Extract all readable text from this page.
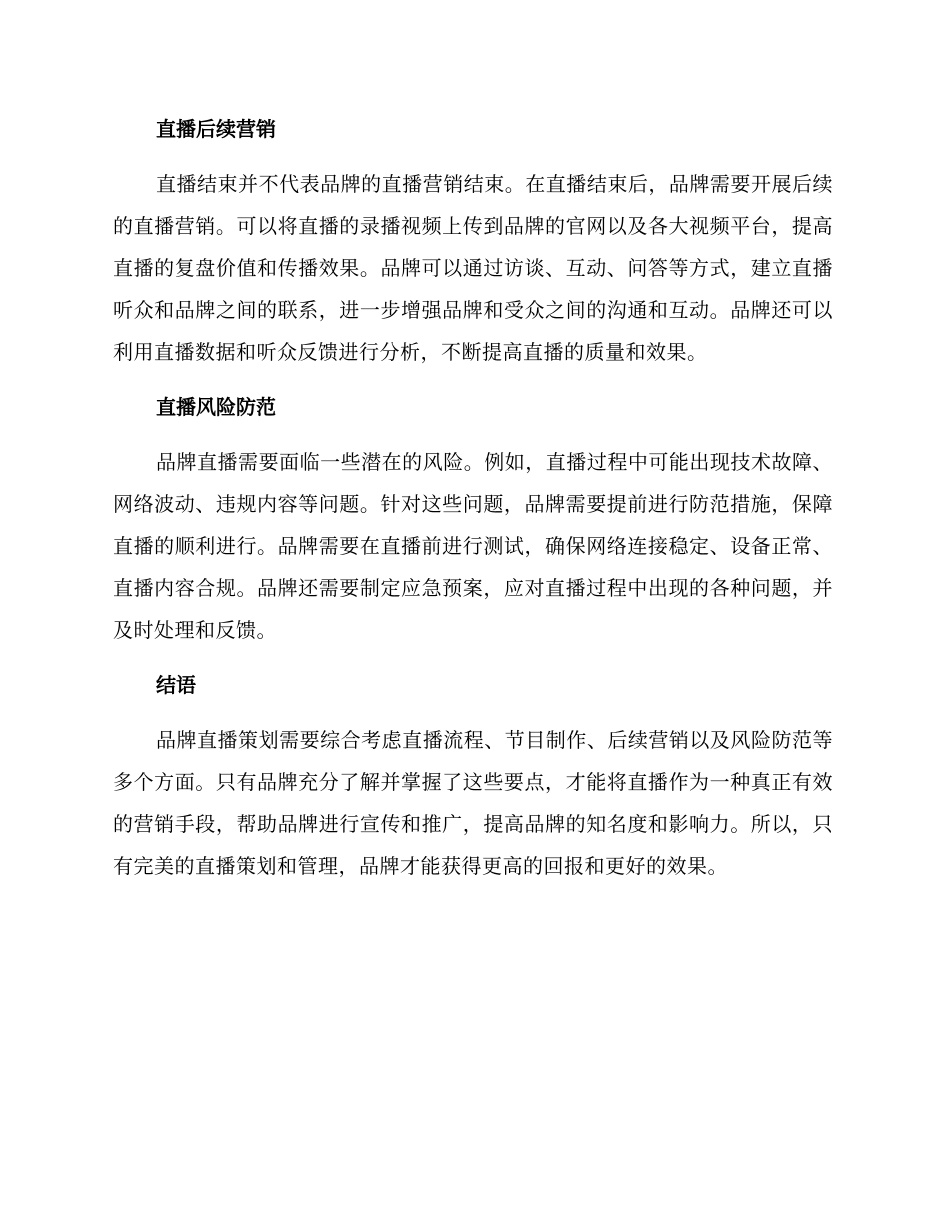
直播后续营销

直播结束并不代表品牌的直播营销结束。在直播结束后，品牌需要开展后续的直播营销。可以将直播的录播视频上传到品牌的官网以及各大视频平台，提高直播的复盘价值和传播效果。品牌可以通过访谈、互动、问答等方式，建立直播听众和品牌之间的联系，进一步增强品牌和受众之间的沟通和互动。品牌还可以利用直播数据和听众反馈进行分析，不断提高直播的质量和效果。

直播风险防范

品牌直播需要面临一些潜在的风险。例如，直播过程中可能出现技术故障、网络波动、违规内容等问题。针对这些问题，品牌需要提前进行防范措施，保障直播的顺利进行。品牌需要在直播前进行测试，确保网络连接稳定、设备正常、直播内容合规。品牌还需要制定应急预案，应对直播过程中出现的各种问题，并及时处理和反馈。

结语

品牌直播策划需要综合考虑直播流程、节目制作、后续营销以及风险防范等多个方面。只有品牌充分了解并掌握了这些要点，才能将直播作为一种真正有效的营销手段，帮助品牌进行宣传和推广，提高品牌的知名度和影响力。所以，只有完美的直播策划和管理，品牌才能获得更高的回报和更好的效果。
